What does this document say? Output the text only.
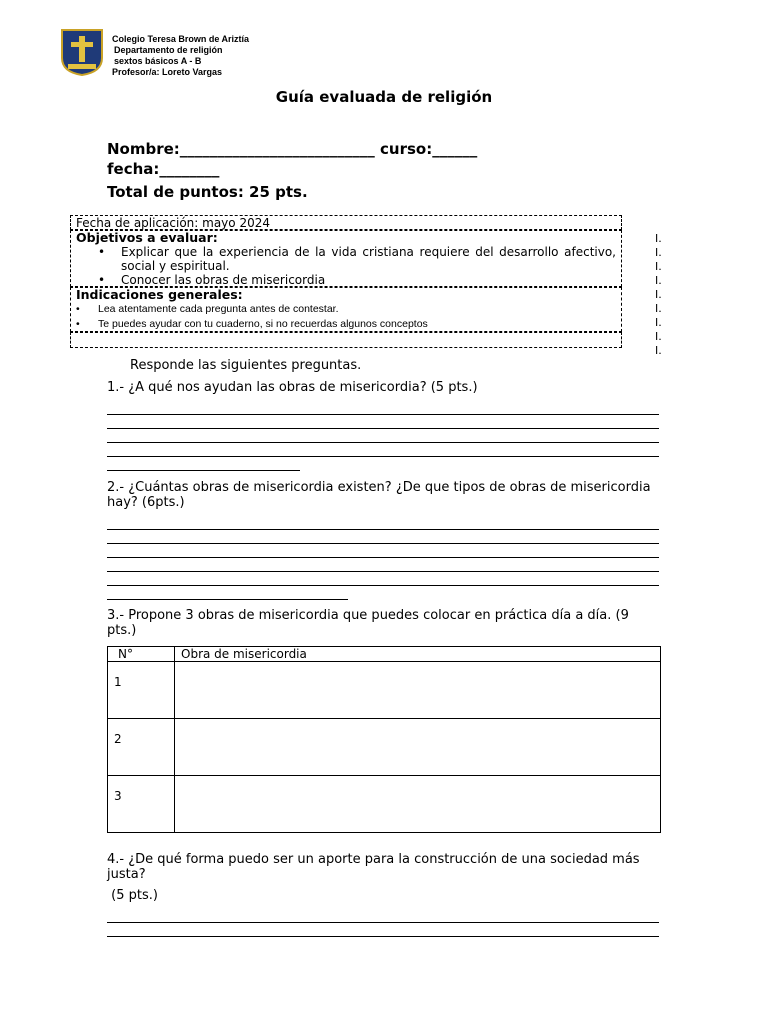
Colegio Teresa Brown de Ariztía
Departamento de religión
sextos básicos A - B
Profesor/a: Loreto Vargas
Guía evaluada de religión
Nombre:__________________________ curso:______
fecha:________
Total de puntos: 25 pts.
Fecha de aplicación: mayo 2024
Objetivos a evaluar:
•	Explicar que la experiencia de la vida cristiana requiere del desarrollo afectivo, social y espiritual.
•	Conocer las obras de misericordia
Indicaciones generales:
•	Lea atentamente cada pregunta antes de contestar.
•	Te puedes ayudar con tu cuaderno, si no recuerdas algunos conceptos
I.
I.
I.
I.
I.
I.
I.
I.
I.
Responde las siguientes preguntas.
1.- ¿A qué nos ayudan las obras de misericordia? (5 pts.)
2.- ¿Cuántas obras de misericordia existen? ¿De que tipos de obras de misericordia hay? (6pts.)
3.- Propone 3 obras de misericordia que puedes colocar en práctica día a día. (9 pts.)
N°	Obra de misericordia
1	
2	
3	
4.- ¿De qué forma puedo ser un aporte para la construcción de una sociedad más justa?
(5 pts.)
